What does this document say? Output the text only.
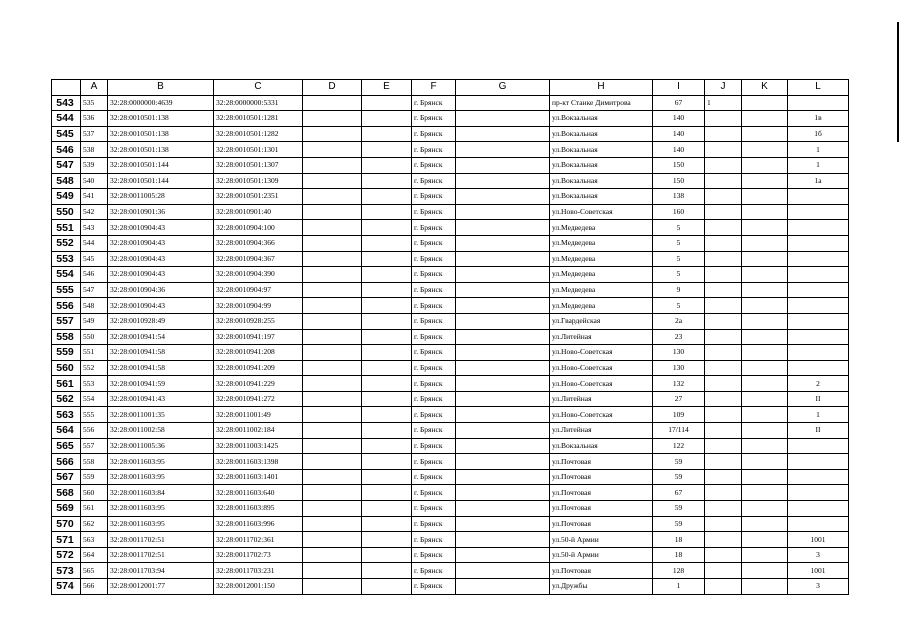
	A	B	C	D	E	F	G	H	I	J	K	L
543	535	32:28:0000000:4639	32:28:0000000:5331			г. Брянск		пр-кт Станке Димитрова	67	1		
544	536	32:28:0010501:138	32:28:0010501:1281			г. Брянск		ул.Вокзальная	140			1в
545	537	32:28:0010501:138	32:28:0010501:1282			г. Брянск		ул.Вокзальная	140			1б
546	538	32:28:0010501:138	32:28:0010501:1301			г. Брянск		ул.Вокзальная	140			1
547	539	32:28:0010501:144	32:28:0010501:1307			г. Брянск		ул.Вокзальная	150			1
548	540	32:28:0010501:144	32:28:0010501:1309			г. Брянск		ул.Вокзальная	150			1а
549	541	32:28:0011005:28	32:28:0010501:2351			г. Брянск		ул.Вокзальная	138			
550	542	32:28:0010901:36	32:28:0010901:40			г. Брянск		ул.Ново-Советская	160			
551	543	32:28:0010904:43	32:28:0010904:100			г. Брянск		ул.Медведева	5			
552	544	32:28:0010904:43	32:28:0010904:366			г. Брянск		ул.Медведева	5			
553	545	32:28:0010904:43	32:28:0010904:367			г. Брянск		ул.Медведева	5			
554	546	32:28:0010904:43	32:28:0010904:390			г. Брянск		ул.Медведева	5			
555	547	32:28:0010904:36	32:28:0010904:97			г. Брянск		ул.Медведева	9			
556	548	32:28:0010904:43	32:28:0010904:99			г. Брянск		ул.Медведева	5			
557	549	32:28:0010928:49	32:28:0010928:255			г. Брянск		ул.Гвардейская	2а			
558	550	32:28:0010941:54	32:28:0010941:197			г. Брянск		ул.Литейная	23			
559	551	32:28:0010941:58	32:28:0010941:208			г. Брянск		ул.Ново-Советская	130			
560	552	32:28:0010941:58	32:28:0010941:209			г. Брянск		ул.Ново-Советская	130			
561	553	32:28:0010941:59	32:28:0010941:229			г. Брянск		ул.Ново-Советская	132			2
562	554	32:28:0010941:43	32:28:0010941:272			г. Брянск		ул.Литейная	27			II
563	555	32:28:0011001:35	32:28:0011001:49			г. Брянск		ул.Ново-Советская	109			1
564	556	32:28:0011002:58	32:28:0011002:184			г. Брянск		ул.Литейная	17/114			II
565	557	32:28:0011005:36	32:28:0011003:1425			г. Брянск		ул.Вокзальная	122			
566	558	32:28:0011603:95	32:28:0011603:1398			г. Брянск		ул.Почтовая	59			
567	559	32:28:0011603:95	32:28:0011603:1401			г. Брянск		ул.Почтовая	59			
568	560	32:28:0011603:84	32:28:0011603:640			г. Брянск		ул.Почтовая	67			
569	561	32:28:0011603:95	32:28:0011603:895			г. Брянск		ул.Почтовая	59			
570	562	32:28:0011603:95	32:28:0011603:996			г. Брянск		ул.Почтовая	59			
571	563	32:28:0011702:51	32:28:0011702:361			г. Брянск		ул.50-й Армии	18			1001
572	564	32:28:0011702:51	32:28:0011702:73			г. Брянск		ул.50-й Армии	18			3
573	565	32:28:0011703:94	32:28:0011703:231			г. Брянск		ул.Почтовая	128			1001
574	566	32:28:0012001:77	32:28:0012001:150			г. Брянск		ул.Дружбы	1			3
